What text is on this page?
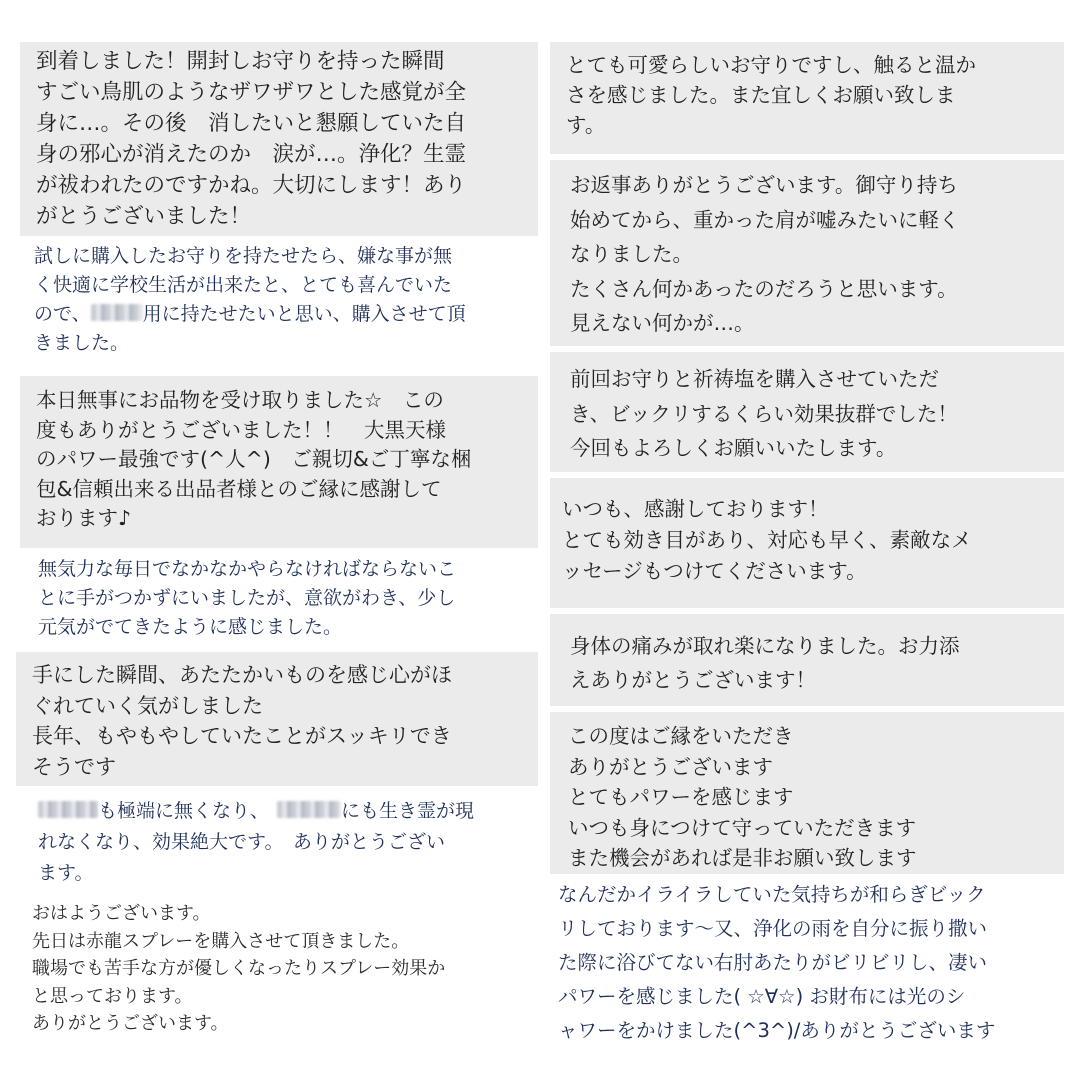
到着しました！開封しお守りを持った瞬間
すごい鳥肌のようなザワザワとした感覚が全
身に…。その後　消したいと懇願していた自
身の邪心が消えたのか　涙が…。浄化？生霊
が祓われたのですかね。大切にします！あり
がとうございました！
試しに購入したお守りを持たせたら、嫌な事が無
く快適に学校生活が出来たと、とても喜んでいた
ので、	用に持たせたいと思い、購入させて頂
きました。
本日無事にお品物を受け取りました☆　この
度もありがとうございました！！　大黒天様
のパワー最強です(^人^)　ご親切&ご丁寧な梱
包&信頼出来る出品者様とのご縁に感謝して
おります♪
無気力な毎日でなかなかやらなければならないこ
とに手がつかずにいましたが、意欲がわき、少し
元気がでてきたように感じました。
手にした瞬間、あたたかいものを感じ心がほ
ぐれていく気がしました
長年、もやもやしていたことがスッキリでき
そうです
も極端に無くなり、	にも生き霊が現
れなくなり、効果絶大です。　ありがとうござい
ます。
おはようございます。
先日は赤龍スプレーを購入させて頂きました。
職場でも苦手な方が優しくなったりスプレー効果か
と思っております。
ありがとうございます。
とても可愛らしいお守りですし、触ると温か
さを感じました。また宜しくお願い致しま
す。
お返事ありがとうございます。御守り持ち
始めてから、重かった肩が嘘みたいに軽く
なりました。
たくさん何かあったのだろうと思います。
見えない何かが…。
前回お守りと祈祷塩を購入させていただ
き、ビックリするくらい効果抜群でした！
今回もよろしくお願いいたします。
いつも、感謝しております！
とても効き目があり、対応も早く、素敵なメ
ッセージもつけてくださいます。
身体の痛みが取れ楽になりました。お力添
えありがとうございます！
この度はご縁をいただき
ありがとうございます
とてもパワーを感じます
いつも身につけて守っていただきます
また機会があれば是非お願い致します
なんだかイライラしていた気持ちが和らぎビック
リしております〜又、浄化の雨を自分に振り撒い
た際に浴びてない右肘あたりがビリビリし、凄い
パワーを感じました( ☆∀☆) お財布には光のシ
ャワーをかけました(^3^)/ありがとうございます
